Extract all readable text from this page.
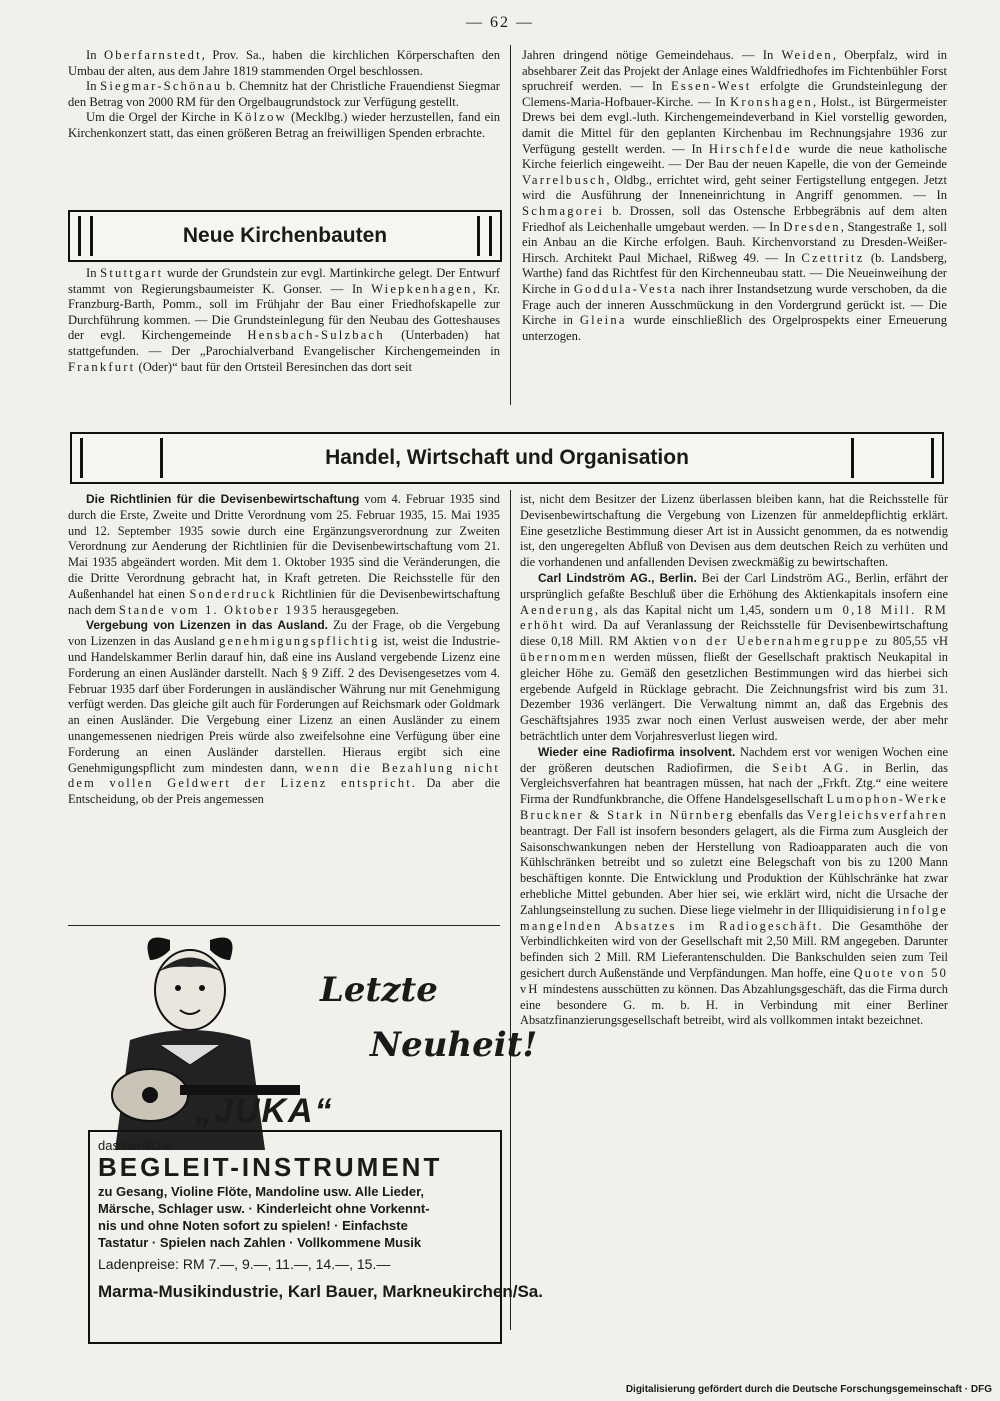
— 62 —

In Oberfarnstedt, Prov. Sa., haben die kirchlichen Körperschaften den Umbau der alten, aus dem Jahre 1819 stammenden Orgel beschlossen.

In Siegmar-Schönau b. Chemnitz hat der Christliche Frauendienst Siegmar den Betrag von 2000 RM für den Orgelbaugrundstock zur Verfügung gestellt.

Um die Orgel der Kirche in Kölzow (Mecklbg.) wieder herzustellen, fand ein Kirchenkonzert statt, das einen größeren Betrag an freiwilligen Spenden erbrachte.

Neue Kirchenbauten

In Stuttgart wurde der Grundstein zur evgl. Martinkirche gelegt. Der Entwurf stammt von Regierungsbaumeister K. Gonser. — In Wiepkenhagen, Kr. Franzburg-Barth, Pomm., soll im Frühjahr der Bau einer Friedhofskapelle zur Durchführung kommen. — Die Grundsteinlegung für den Neubau des Gotteshauses der evgl. Kirchengemeinde Hensbach-Sulzbach (Unterbaden) hat stattgefunden. — Der „Parochialverband Evangelischer Kirchengemeinden in Frankfurt (Oder)“ baut für den Ortsteil Beresinchen das dort seit

Jahren dringend nötige Gemeindehaus. — In Weiden, Oberpfalz, wird in absehbarer Zeit das Projekt der Anlage eines Waldfriedhofes im Fichtenbühler Forst spruchreif werden. — In Essen-West erfolgte die Grundsteinlegung der Clemens-Maria-Hofbauer-Kirche. — In Kronshagen, Holst., ist Bürgermeister Drews bei dem evgl.-luth. Kirchengemeindeverband in Kiel vorstellig geworden, damit die Mittel für den geplanten Kirchenbau im Rechnungsjahre 1936 zur Verfügung gestellt werden. — In Hirschfelde wurde die neue katholische Kirche feierlich eingeweiht. — Der Bau der neuen Kapelle, die von der Gemeinde Varrelbusch, Oldbg., errichtet wird, geht seiner Fertigstellung entgegen. Jetzt wird die Ausführung der Inneneinrichtung in Angriff genommen. — In Schmagorei b. Drossen, soll das Ostensche Erbbegräbnis auf dem alten Friedhof als Leichenhalle umgebaut werden. — In Dresden, Stangestraße 1, soll ein Anbau an die Kirche erfolgen. Bauh. Kirchenvorstand zu Dresden-Weißer-Hirsch. Architekt Paul Michael, Rißweg 49. — In Czettritz (b. Landsberg, Warthe) fand das Richtfest für den Kirchenneubau statt. — Die Neueinweihung der Kirche in Goddula-Vesta nach ihrer Instandsetzung wurde verschoben, da die Frage auch der inneren Ausschmückung in den Vordergrund gerückt ist. — Die Kirche in Gleina wurde einschließlich des Orgelprospekts einer Erneuerung unterzogen.

Handel, Wirtschaft und Organisation

Die Richtlinien für die Devisenbewirtschaftung vom 4. Februar 1935 sind durch die Erste, Zweite und Dritte Verordnung vom 25. Februar 1935, 15. Mai 1935 und 12. September 1935 sowie durch eine Ergänzungsverordnung zur Zweiten Verordnung zur Aenderung der Richtlinien für die Devisenbewirtschaftung vom 21. Mai 1935 abgeändert worden. Mit dem 1. Oktober 1935 sind die Veränderungen, die die Dritte Verordnung gebracht hat, in Kraft getreten. Die Reichsstelle für den Außenhandel hat einen Sonderdruck Richtlinien für die Devisenbewirtschaftung nach dem Stande vom 1. Oktober 1935 herausgegeben.

Vergebung von Lizenzen in das Ausland. Zu der Frage, ob die Vergebung von Lizenzen in das Ausland genehmigungspflichtig ist, weist die Industrie- und Handelskammer Berlin darauf hin, daß eine ins Ausland vergebende Lizenz eine Forderung an einen Ausländer darstellt. Nach § 9 Ziff. 2 des Devisengesetzes vom 4. Februar 1935 darf über Forderungen in ausländischer Währung nur mit Genehmigung verfügt werden. Das gleiche gilt auch für Forderungen auf Reichsmark oder Goldmark an einen Ausländer. Die Vergebung einer Lizenz an einen Ausländer zu einem unangemessenen niedrigen Preis würde also zweifelsohne eine Verfügung über eine Forderung an einen Ausländer darstellen. Hieraus ergibt sich eine Genehmigungspflicht zum mindesten dann, wenn die Bezahlung nicht dem vollen Geldwert der Lizenz entspricht. Da aber die Entscheidung, ob der Preis angemessen

ist, nicht dem Besitzer der Lizenz überlassen bleiben kann, hat die Reichsstelle für Devisenbewirtschaftung die Vergebung von Lizenzen für anmeldepflichtig erklärt. Eine gesetzliche Bestimmung dieser Art ist in Aussicht genommen, da es notwendig ist, den ungeregelten Abfluß von Devisen aus dem deutschen Reich zu verhüten und die vorhandenen und anfallenden Devisen zweckmäßig zu bewirtschaften.

Carl Lindström AG., Berlin. Bei der Carl Lindström AG., Berlin, erfährt der ursprünglich gefaßte Beschluß über die Erhöhung des Aktienkapitals insofern eine Aenderung, als das Kapital nicht um 1,45, sondern um 0,18 Mill. RM erhöht wird. Da auf Veranlassung der Reichsstelle für Devisenbewirtschaftung diese 0,18 Mill. RM Aktien von der Uebernahmegruppe zu 805,55 vH übernommen werden müssen, fließt der Gesellschaft praktisch Neukapital in gleicher Höhe zu. Gemäß den gesetzlichen Bestimmungen wird das hierbei sich ergebende Aufgeld in Rücklage gebracht. Die Zeichnungsfrist wird bis zum 31. Dezember 1936 verlängert. Die Verwaltung nimmt an, daß das Ergebnis des Geschäftsjahres 1935 zwar noch einen Verlust ausweisen werde, der aber mehr beträchtlich unter dem Vorjahresverlust liegen wird.

Wieder eine Radiofirma insolvent. Nachdem erst vor wenigen Wochen eine der größeren deutschen Radiofirmen, die Seibt AG. in Berlin, das Vergleichsverfahren hat beantragen müssen, hat nach der „Frkft. Ztg.“ eine weitere Firma der Rundfunkbranche, die Offene Handelsgesellschaft Lumophon-Werke Bruckner & Stark in Nürnberg ebenfalls das Vergleichsverfahren beantragt. Der Fall ist insofern besonders gelagert, als die Firma zum Ausgleich der Saisonschwankungen neben der Herstellung von Radioapparaten auch die von Kühlschränken betreibt und so zuletzt eine Belegschaft von bis zu 1200 Mann beschäftigen konnte. Die Entwicklung und Produktion der Kühlschränke hat zwar erhebliche Mittel gebunden. Aber hier sei, wie erklärt wird, nicht die Ursache der Zahlungseinstellung zu suchen. Diese liege vielmehr in der Illiquidisierung infolge mangelnden Absatzes im Radiogeschäft. Die Gesamthöhe der Verbindlichkeiten wird von der Gesellschaft mit 2,50 Mill. RM angegeben. Darunter befinden sich 2 Mill. RM Lieferantenschulden. Die Bankschulden seien zum Teil gesichert durch Außenstände und Verpfändungen. Man hoffe, eine Quote von 50 vH mindestens ausschütten zu können. Das Abzahlungsgeschäft, das die Firma durch eine besondere G. m. b. H. in Verbindung mit einer Berliner Absatzfinanzierungsgesellschaft betreibt, wird als vollkommen intakt bezeichnet.

Letzte
Neuheit!
„JUKA“
das herrliche
BEGLEIT-INSTRUMENT
zu Gesang, Violine Flöte, Mandoline usw. Alle Lieder,
Märsche, Schlager usw. · Kinderleicht ohne Vorkennt-
nis und ohne Noten sofort zu spielen! · Einfachste
Tastatur · Spielen nach Zahlen · Vollkommene Musik
Ladenpreise: RM 7.—, 9.—, 11.—, 14.—, 15.—
Marma-Musikindustrie, Karl Bauer, Markneukirchen/Sa.
Digitalisierung gefördert durch die Deutsche Forschungsgemeinschaft · DFG
